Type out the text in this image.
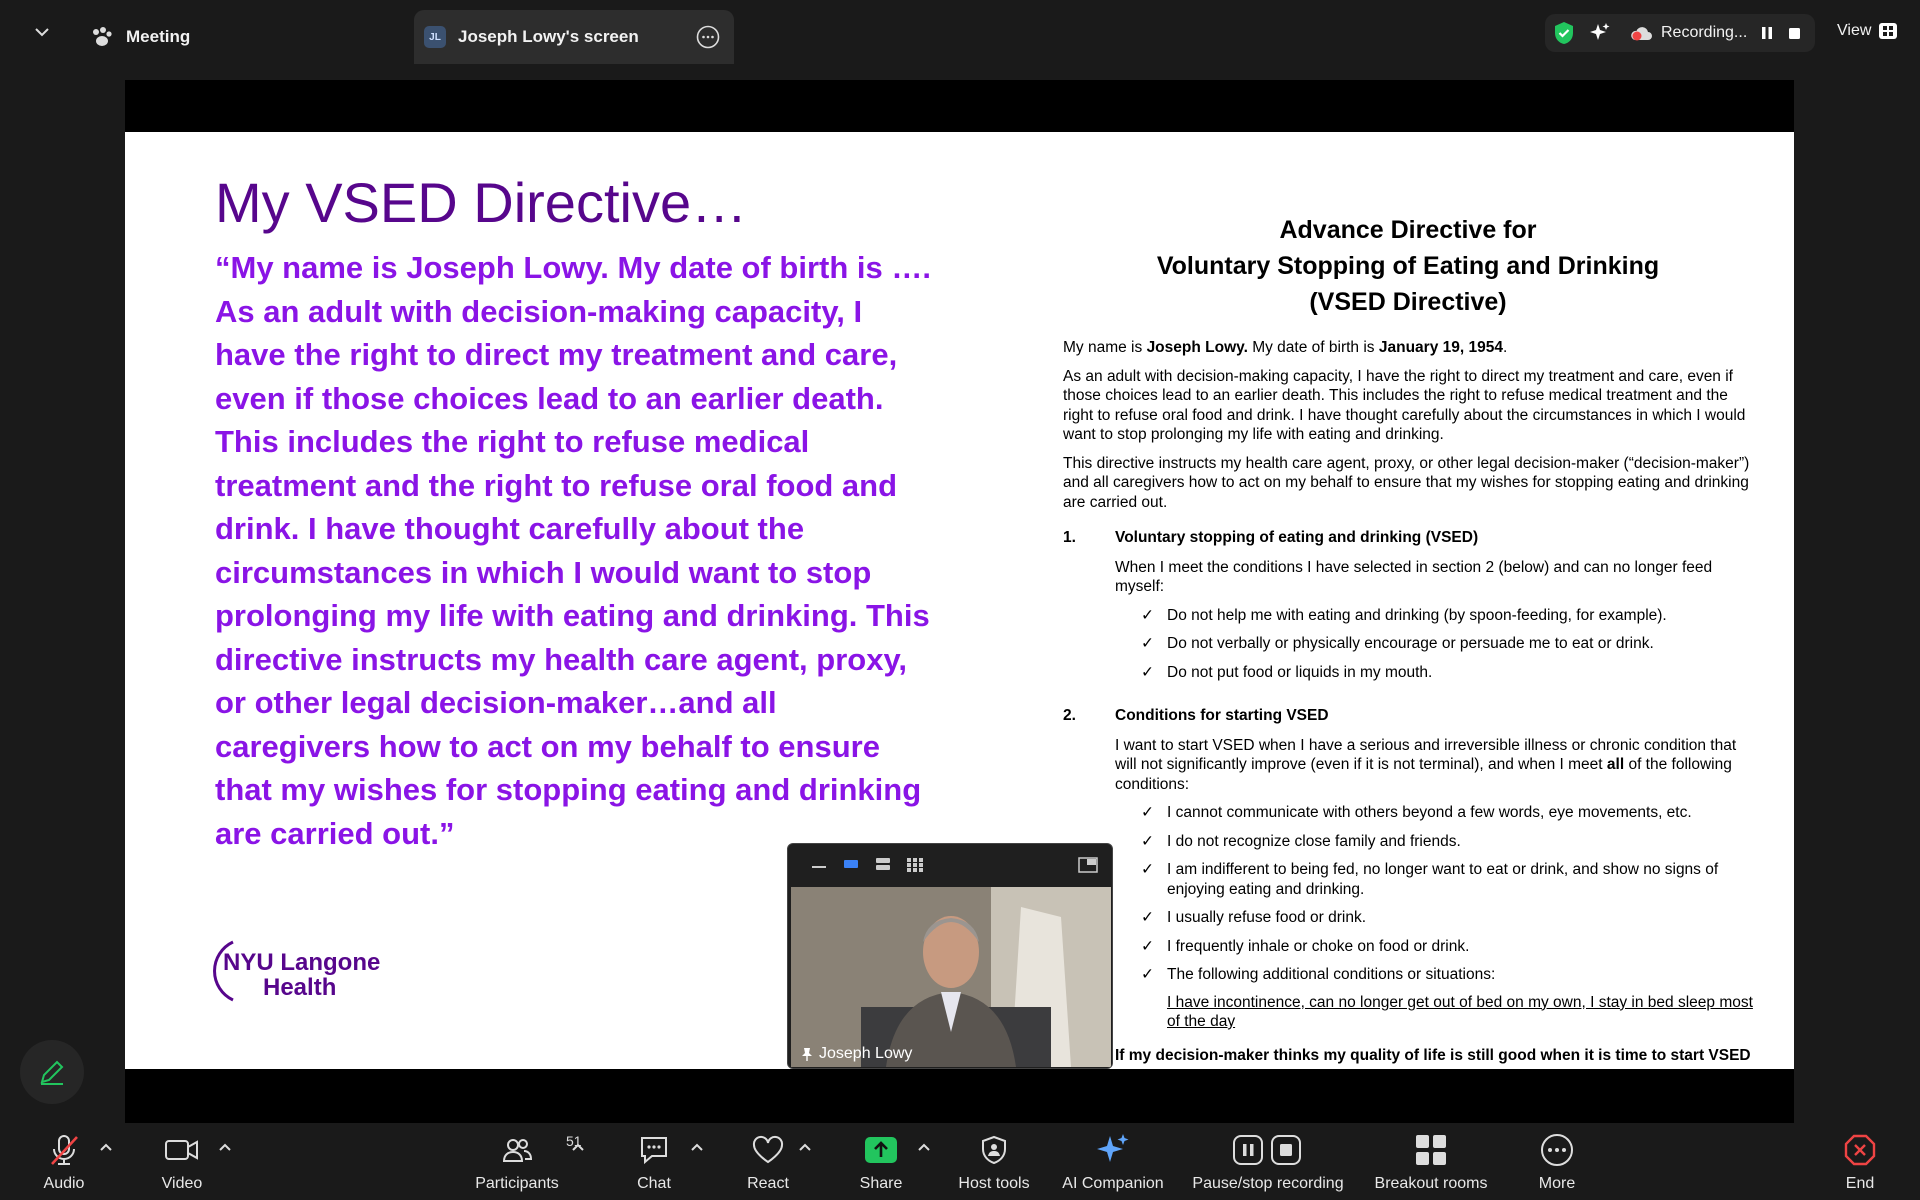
Meeting	JL	Joseph Lowy's screen	Recording...	View
My VSED Directive…
“My name is Joseph Lowy. My date of birth is …. As an adult with decision-making capacity, I have the right to direct my treatment and care, even if those choices lead to an earlier death. This includes the right to refuse medical treatment and the right to refuse oral food and drink. I have thought carefully about the circumstances in which I would want to stop prolonging my life with eating and drinking. This directive instructs my health care agent, proxy, or other legal decision-maker…and all caregivers how to act on my behalf to ensure that my wishes for stopping eating and drinking are carried out.”
NYU Langone
Health
Advance Directive for
Voluntary Stopping of Eating and Drinking
(VSED Directive)

My name is Joseph Lowy. My date of birth is January 19, 1954.

As an adult with decision-making capacity, I have the right to direct my treatment and care, even if those choices lead to an earlier death. This includes the right to refuse medical treatment and the right to refuse oral food and drink. I have thought carefully about the circumstances in which I would want to stop prolonging my life with eating and drinking.

This directive instructs my health care agent, proxy, or other legal decision-maker (“decision-maker”) and all caregivers how to act on my behalf to ensure that my wishes for stopping eating and drinking are carried out.

1.	Voluntary stopping of eating and drinking (VSED)
When I meet the conditions I have selected in section 2 (below) and can no longer feed myself:
✓ Do not help me with eating and drinking (by spoon-feeding, for example).
✓ Do not verbally or physically encourage or persuade me to eat or drink.
✓ Do not put food or liquids in my mouth.
2.	Conditions for starting VSED
I want to start VSED when I have a serious and irreversible illness or chronic condition that will not significantly improve (even if it is not terminal), and when I meet all of the following conditions:
✓ I cannot communicate with others beyond a few words, eye movements, etc.
✓ I do not recognize close family and friends.
✓ I am indifferent to being fed, no longer want to eat or drink, and show no signs of enjoying eating and drinking.
✓ I usually refuse food or drink.
✓ I frequently inhale or choke on food or drink.
✓ The following additional conditions or situations:
I have incontinence, can no longer get out of bed on my own, I stay in bed sleep most of the day
If my decision-maker thinks my quality of life is still good when it is time to start VSED
Joseph Lowy
Audio	Video
51
Participants	Chat	React	Share	Host tools AI Companion Pause/stop recording Breakout rooms	More	End
